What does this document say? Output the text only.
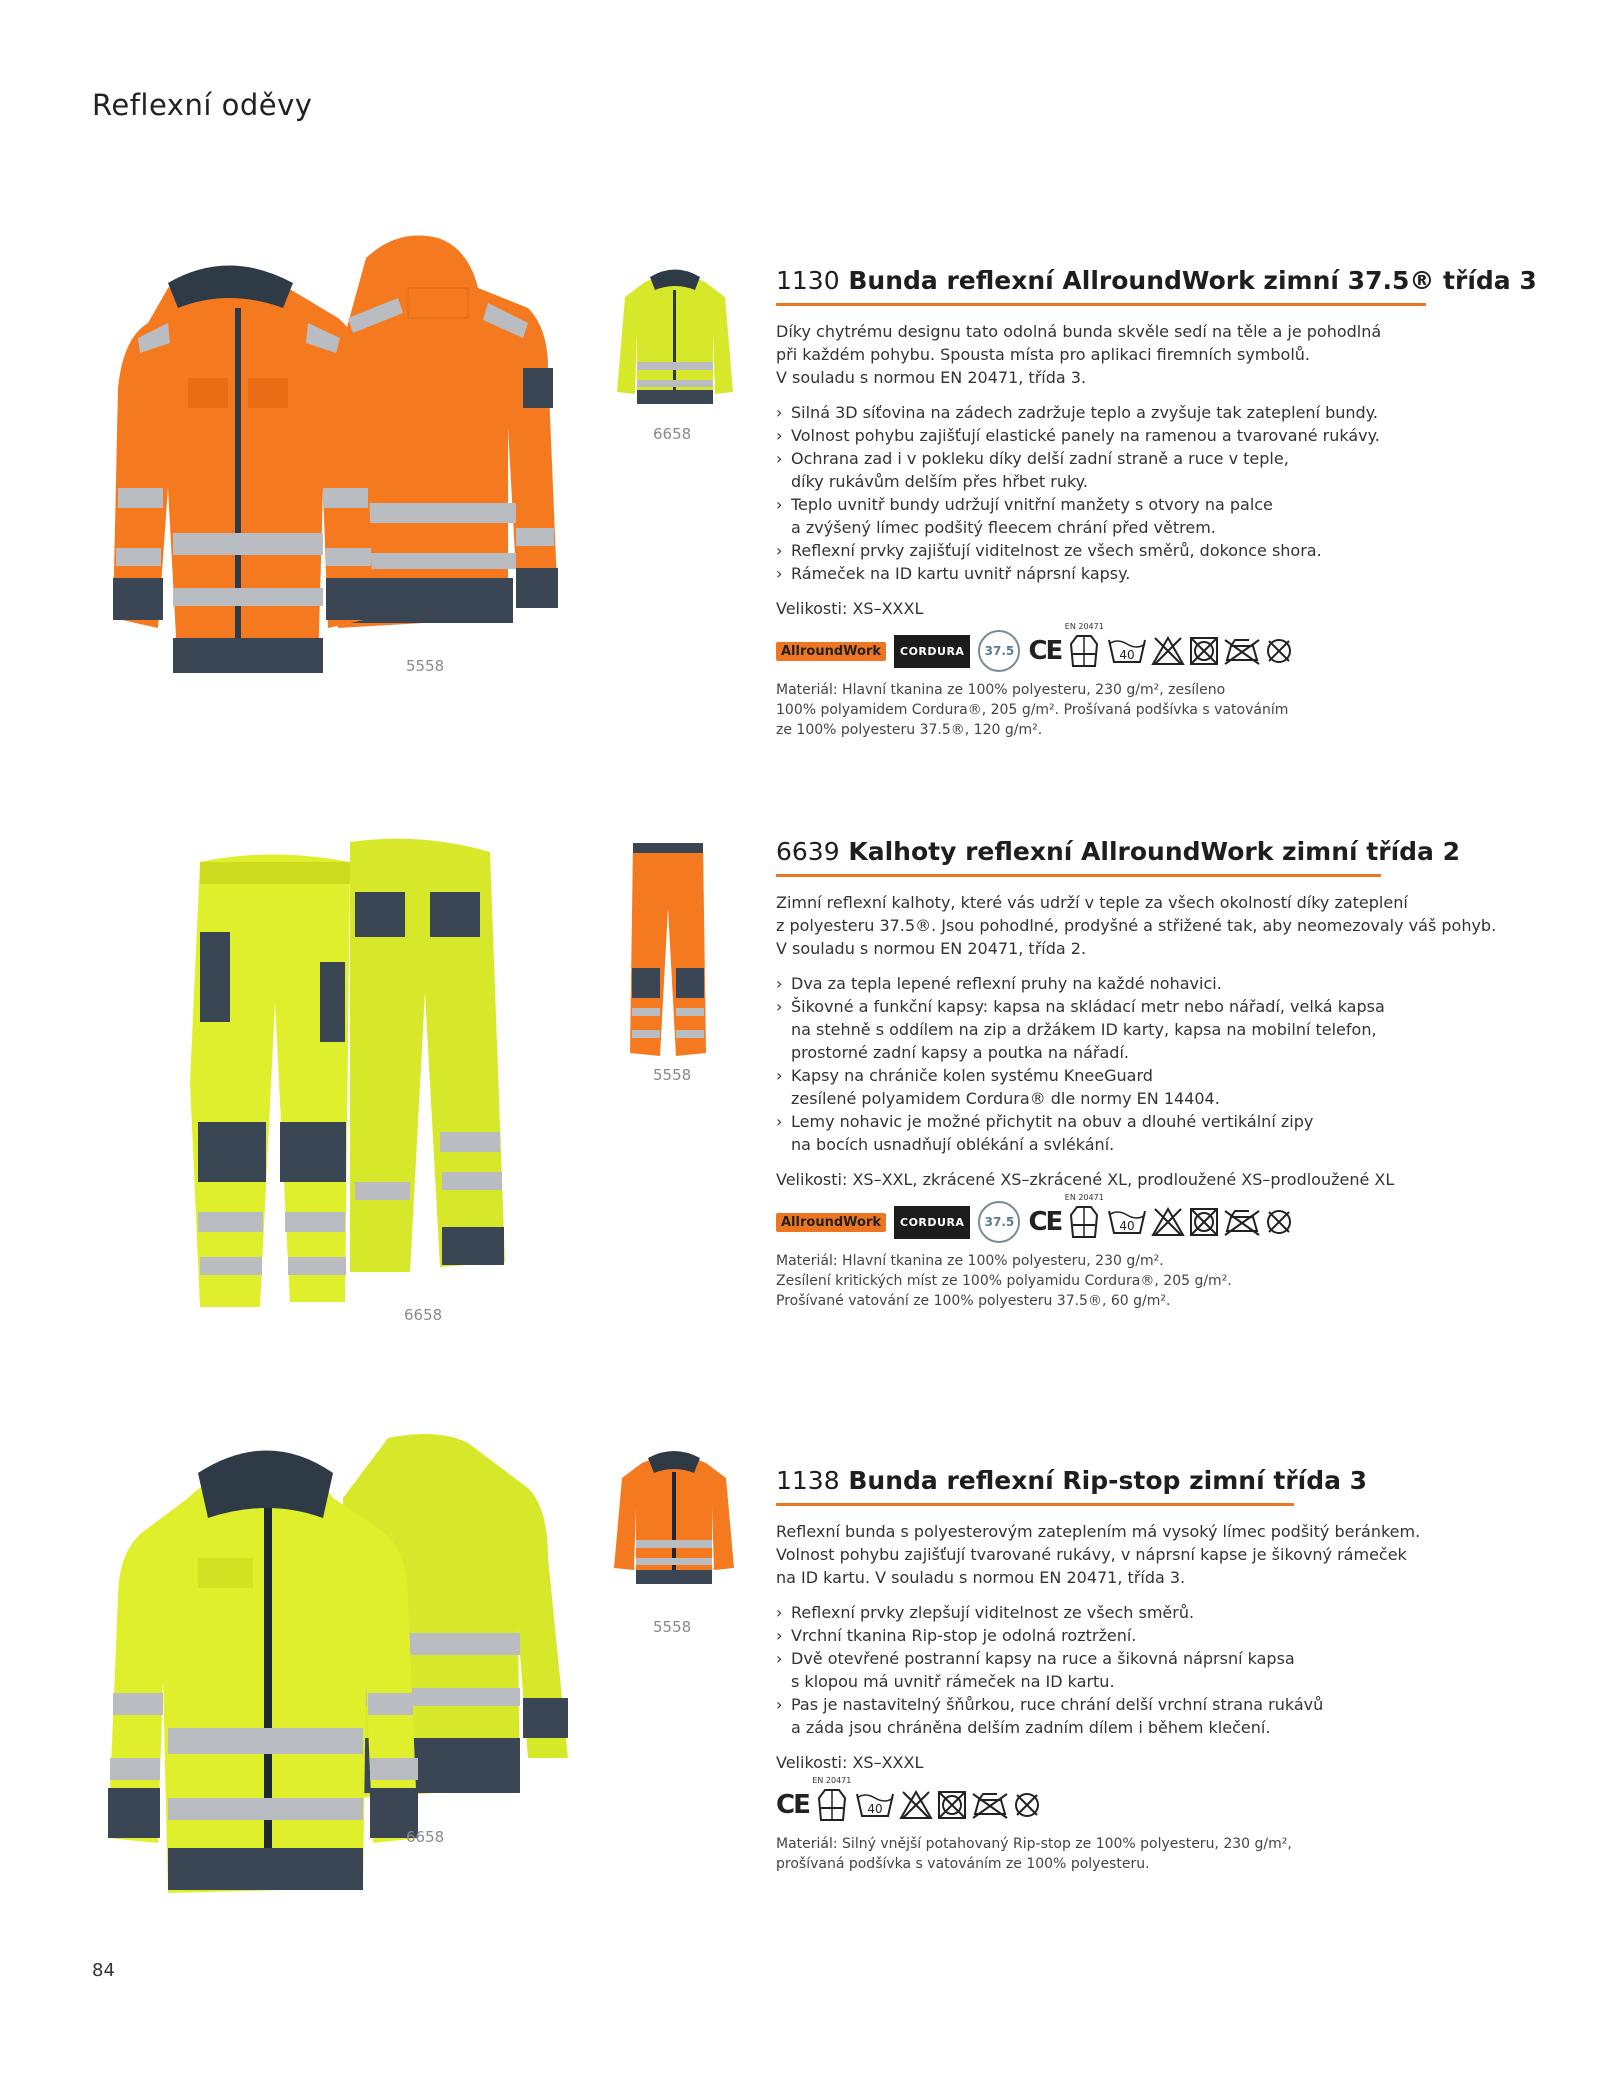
Reflexní oděvy
5558
6658
1130 Bunda reflexní AllroundWork zimní 37.5® třída 3
Díky chytrému designu tato odolná bunda skvěle sedí na těle a je pohodlná
při každém pohybu. Spousta místa pro aplikaci firemních symbolů.
V souladu s normou EN 20471, třída 3.
› Silná 3D síťovina na zádech zadržuje teplo a zvyšuje tak zateplení bundy.
› Volnost pohybu zajišťují elastické panely na ramenou a tvarované rukávy.
› Ochrana zad i v pokleku díky delší zadní straně a ruce v teple,
díky rukávům delším přes hřbet ruky.
› Teplo uvnitř bundy udržují vnitřní manžety s otvory na palce
a zvýšený límec podšitý fleecem chrání před větrem.
› Reflexní prvky zajišťují viditelnost ze všech směrů, dokonce shora.
› Rámeček na ID kartu uvnitř náprsní kapsy.
Velikosti: XS–XXXL
AllroundWork	CORDURA	37.5 CE
EN 20471
40
Materiál: Hlavní tkanina ze 100% polyesteru, 230 g/m², zesíleno
100% polyamidem Cordura®, 205 g/m². Prošívaná podšívka s vatováním
ze 100% polyesteru 37.5®, 120 g/m².
6658
5558
6639 Kalhoty reflexní AllroundWork zimní třída 2
Zimní reflexní kalhoty, které vás udrží v teple za všech okolností díky zateplení
z polyesteru 37.5®. Jsou pohodlné, prodyšné a střižené tak, aby neomezovaly váš pohyb.
V souladu s normou EN 20471, třída 2.
› Dva za tepla lepené reflexní pruhy na každé nohavici.
› Šikovné a funkční kapsy: kapsa na skládací metr nebo nářadí, velká kapsa
na stehně s oddílem na zip a držákem ID karty, kapsa na mobilní telefon,
prostorné zadní kapsy a poutka na nářadí.
› Kapsy na chrániče kolen systému KneeGuard
zesílené polyamidem Cordura® dle normy EN 14404.
› Lemy nohavic je možné přichytit na obuv a dlouhé vertikální zipy
na bocích usnadňují oblékání a svlékání.
Velikosti: XS–XXL, zkrácené XS–zkrácené XL, prodloužené XS–prodloužené XL
AllroundWork	CORDURA	37.5 CE
EN 20471
40
Materiál: Hlavní tkanina ze 100% polyesteru, 230 g/m².
Zesílení kritických míst ze 100% polyamidu Cordura®, 205 g/m².
Prošívané vatování ze 100% polyesteru 37.5®, 60 g/m².
6658
5558
1138 Bunda reflexní Rip-stop zimní třída 3
Reflexní bunda s polyesterovým zateplením má vysoký límec podšitý beránkem.
Volnost pohybu zajišťují tvarované rukávy, v náprsní kapse je šikovný rámeček
na ID kartu. V souladu s normou EN 20471, třída 3.
› Reflexní prvky zlepšují viditelnost ze všech směrů.
› Vrchní tkanina Rip-stop je odolná roztržení.
› Dvě otevřené postranní kapsy na ruce a šikovná náprsní kapsa
s klopou má uvnitř rámeček na ID kartu.
› Pas je nastavitelný šňůrkou, ruce chrání delší vrchní strana rukávů
a záda jsou chráněna delším zadním dílem i během klečení.
Velikosti: XS–XXXL
CE
EN 20471
40
Materiál: Silný vnější potahovaný Rip-stop ze 100% polyesteru, 230 g/m²,
prošívaná podšívka s vatováním ze 100% polyesteru.
84
